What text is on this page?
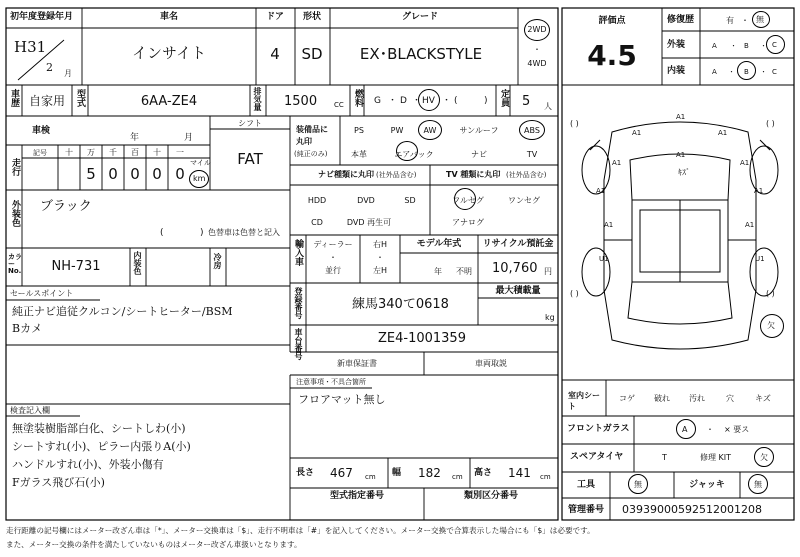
初年度登録年月
H31
2 月
車名
インサイト
ドア
4
形状
SD
グレード
EX･BLACKSTYLE
2WD
・
4WD
車歴 自家用 型式	6AA-ZE4	排気量 1500 CC 燃料 G ・ D ・ HV ・ (	) 定員 5 人
車検
年	月
シフト
FAT
走行
記号 十 万 千 百 十 一
5 0 0 0 0
マイル
km
装備品に
丸印
(純正のみ)
PS	PW	AW	サンルーフ	ABS
本革	エアバック	ナビ	TV
ナビ種類に丸印 (社外品含む)
HDD	DVD	SD
CD	DVD 再生可
TV 種類に丸印 (社外品含む)
フルセグ	ワンセグ
アナログ
外装色 ブラック
(	) 色替車は色替と記入
輸入車 ディーラー
・
並行
右H
・
左H
モデル年式
年 不明
リサイクル預託金
10,760 円
カラーNo. NH-731	内装色	冷房
セールスポイント
純正ナビ追従クルコン/シートヒーター/BSM
Bカメ
登録番号	練馬340て0618
最大積載量
kg
車台番号	ZE4-1001359
新車保証書	車両取説
注意事項・不具合箇所
フロアマット無し
検査記入欄
無塗装樹脂部白化、シートしわ(小)
シートすれ(小)、ピラー内張りA(小)
ハンドルすれ(小)、外装小傷有
Fガラス飛び石(小)
長さ 467 cm 幅 182 cm 高さ 141 cm
型式指定番号	類別区分番号
評価点
4.5
修復歴	有 ・ 無
外装	A ・ B ・ C
内装	A ・ B ・ C
( )	( )
( )	( )
A1
A1	A1
A1
A1	A1
A1	A1
A1	A1
U1	U1
ｷｽﾞ
欠
室内シート
コゲ 破れ 汚れ	穴	キズ
フロントガラス	A ・ × 要ス
スペアタイヤ	T	修理 KIT	欠
工具	無	ジャッキ	無
管理番号 03939000592512001208
走行距離の記号欄にはメーター改ざん車は「*」、メーター交換車は「$」、走行不明車は「#」を記入してください。メーター交換で合算表示した場合にも「$」は必要です。
また、メーター交換の条件を満たしていないものはメーター改ざん車扱いとなります。
